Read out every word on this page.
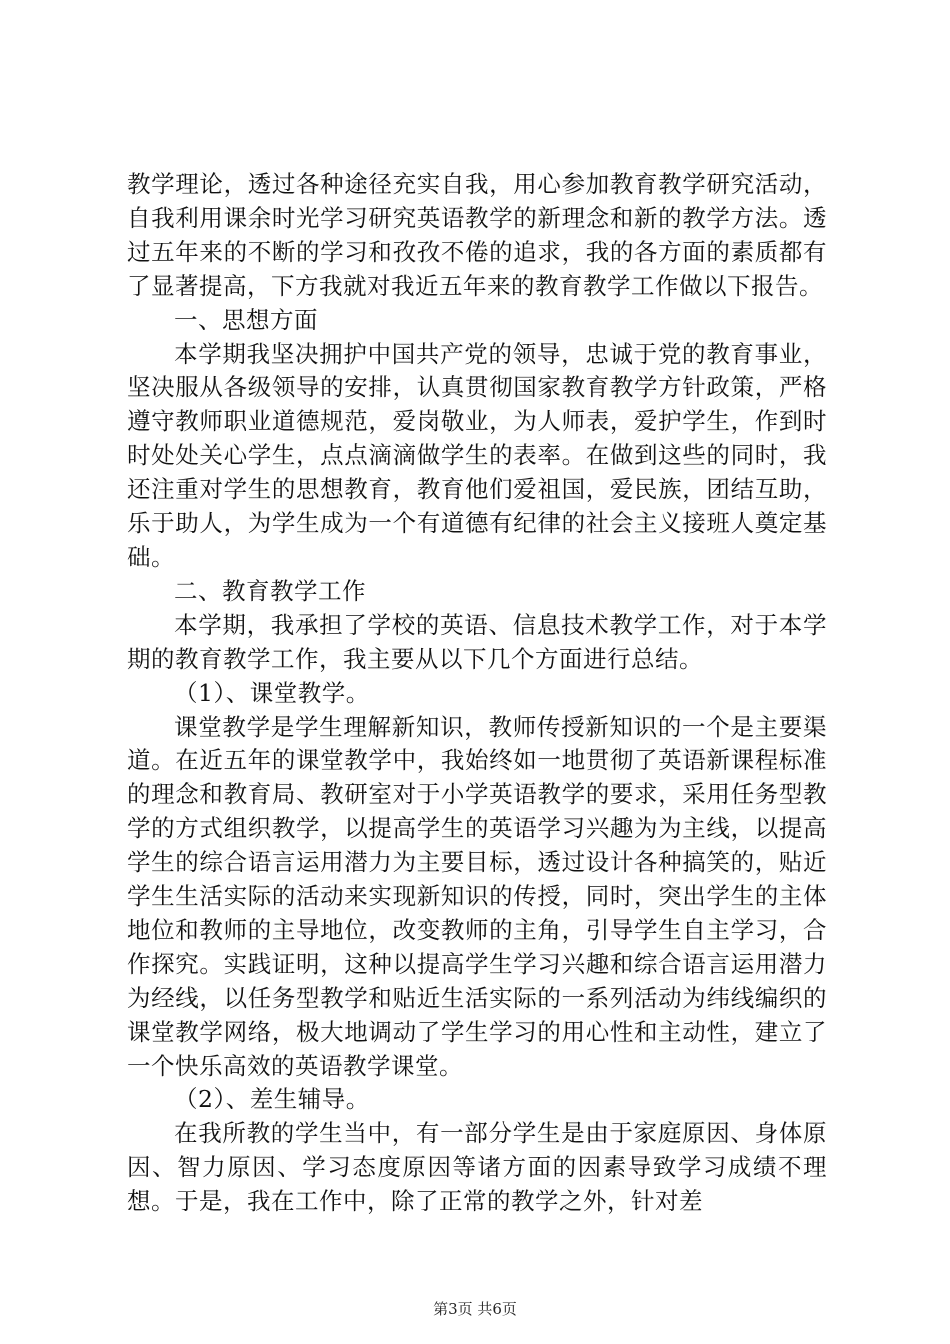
教学理论，透过各种途径充实自我，用心参加教育教学研究活动，自我利用课余时光学习研究英语教学的新理念和新的教学方法。透过五年来的不断的学习和孜孜不倦的追求，我的各方面的素质都有了显著提高，下方我就对我近五年来的教育教学工作做以下报告。

一、思想方面

本学期我坚决拥护中国共产党的领导，忠诚于党的教育事业，坚决服从各级领导的安排，认真贯彻国家教育教学方针政策，严格遵守教师职业道德规范，爱岗敬业，为人师表，爱护学生，作到时时处处关心学生，点点滴滴做学生的表率。在做到这些的同时，我还注重对学生的思想教育，教育他们爱祖国，爱民族，团结互助，乐于助人，为学生成为一个有道德有纪律的社会主义接班人奠定基础。

二、教育教学工作

本学期，我承担了学校的英语、信息技术教学工作，对于本学期的教育教学工作，我主要从以下几个方面进行总结。

（1）、课堂教学。

课堂教学是学生理解新知识，教师传授新知识的一个是主要渠道。在近五年的课堂教学中，我始终如一地贯彻了英语新课程标准的理念和教育局、教研室对于小学英语教学的要求，采用任务型教学的方式组织教学，以提高学生的英语学习兴趣为为主线，以提高学生的综合语言运用潜力为主要目标，透过设计各种搞笑的，贴近学生生活实际的活动来实现新知识的传授，同时，突出学生的主体地位和教师的主导地位，改变教师的主角，引导学生自主学习，合作探究。实践证明，这种以提高学生学习兴趣和综合语言运用潜力为经线，以任务型教学和贴近生活实际的一系列活动为纬线编织的课堂教学网络，极大地调动了学生学习的用心性和主动性，建立了一个快乐高效的英语教学课堂。

（2）、差生辅导。

在我所教的学生当中，有一部分学生是由于家庭原因、身体原因、智力原因、学习态度原因等诸方面的因素导致学习成绩不理想。于是，我在工作中，除了正常的教学之外，针对差

第3页 共6页
